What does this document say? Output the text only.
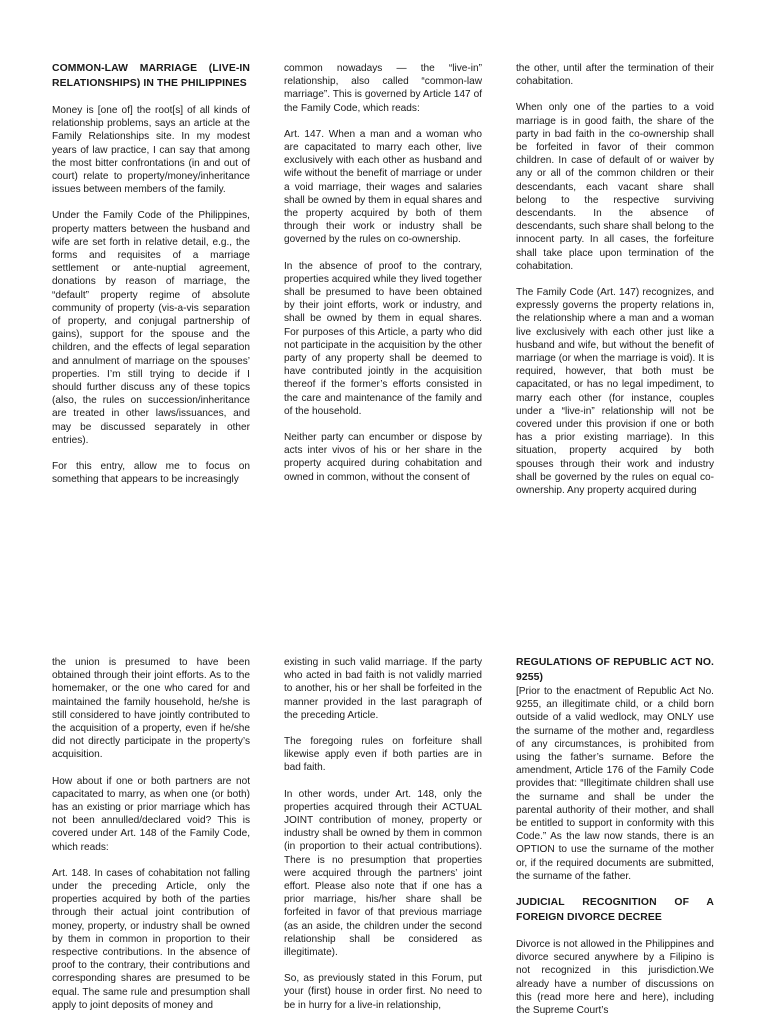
COMMON-LAW MARRIAGE (LIVE-IN RELATIONSHIPS) IN THE PHILIPPINES

Money is [one of] the root[s] of all kinds of relationship problems, says an article at the Family Relationships site. In my modest years of law practice, I can say that among the most bitter confrontations (in and out of court) relate to property/money/inheritance issues between members of the family.

Under the Family Code of the Philippines, property matters between the husband and wife are set forth in relative detail, e.g., the forms and requisites of a marriage settlement or ante-nuptial agreement, donations by reason of marriage, the “default” property regime of absolute community of property (vis-a-vis separation of property, and conjugal partnership of gains), support for the spouse and the children, and the effects of legal separation and annulment of marriage on the spouses’ properties. I’m still trying to decide if I should further discuss any of these topics (also, the rules on succession/inheritance are treated in other laws/issuances, and may be discussed separately in other entries).

For this entry, allow me to focus on something that appears to be increasingly

common nowadays — the “live-in” relationship, also called “common-law marriage”. This is governed by Article 147 of the Family Code, which reads:

Art. 147. When a man and a woman who are capacitated to marry each other, live exclusively with each other as husband and wife without the benefit of marriage or under a void marriage, their wages and salaries shall be owned by them in equal shares and the property acquired by both of them through their work or industry shall be governed by the rules on co-ownership.

In the absence of proof to the contrary, properties acquired while they lived together shall be presumed to have been obtained by their joint efforts, work or industry, and shall be owned by them in equal shares. For purposes of this Article, a party who did not participate in the acquisition by the other party of any property shall be deemed to have contributed jointly in the acquisition thereof if the former’s efforts consisted in the care and maintenance of the family and of the household.

Neither party can encumber or dispose by acts inter vivos of his or her share in the property acquired during cohabitation and owned in common, without the consent of

the other, until after the termination of their cohabitation.

When only one of the parties to a void marriage is in good faith, the share of the party in bad faith in the co-ownership shall be forfeited in favor of their common children. In case of default of or waiver by any or all of the common children or their descendants, each vacant share shall belong to the respective surviving descendants. In the absence of descendants, such share shall belong to the innocent party. In all cases, the forfeiture shall take place upon termination of the cohabitation.

The Family Code (Art. 147) recognizes, and expressly governs the property relations in, the relationship where a man and a woman live exclusively with each other just like a husband and wife, but without the benefit of marriage (or when the marriage is void). It is required, however, that both must be capacitated, or has no legal impediment, to marry each other (for instance, couples under a “live-in” relationship will not be covered under this provision if one or both has a prior existing marriage). In this situation, property acquired by both spouses through their work and industry shall be governed by the rules on equal co-ownership. Any property acquired during

the union is presumed to have been obtained through their joint efforts. As to the homemaker, or the one who cared for and maintained the family household, he/she is still considered to have jointly contributed to the acquisition of a property, even if he/she did not directly participate in the property’s acquisition.

How about if one or both partners are not capacitated to marry, as when one (or both) has an existing or prior marriage which has not been annulled/declared void? This is covered under Art. 148 of the Family Code, which reads:

Art. 148. In cases of cohabitation not falling under the preceding Article, only the properties acquired by both of the parties through their actual joint contribution of money, property, or industry shall be owned by them in common in proportion to their respective contributions. In the absence of proof to the contrary, their contributions and corresponding shares are presumed to be equal. The same rule and presumption shall apply to joint deposits of money and

existing in such valid marriage. If the party who acted in bad faith is not validly married to another, his or her shall be forfeited in the manner provided in the last paragraph of the preceding Article.

The foregoing rules on forfeiture shall likewise apply even if both parties are in bad faith.

In other words, under Art. 148, only the properties acquired through their ACTUAL JOINT contribution of money, property or industry shall be owned by them in common (in proportion to their actual contributions). There is no presumption that properties were acquired through the partners’ joint effort. Please also note that if one has a prior marriage, his/her share shall be forfeited in favor of that previous marriage (as an aside, the children under the second relationship shall be considered as illegitimate).

So, as previously stated in this Forum, put your (first) house in order first. No need to be in hurry for a live-in relationship,

REGULATIONS OF REPUBLIC ACT NO. 9255)

[Prior to the enactment of Republic Act No. 9255, an illegitimate child, or a child born outside of a valid wedlock, may ONLY use the surname of the mother and, regardless of any circumstances, is prohibited from using the father’s surname. Before the amendment, Article 176 of the Family Code provides that: “Illegitimate children shall use the surname and shall be under the parental authority of their mother, and shall be entitled to support in conformity with this Code.” As the law now stands, there is an OPTION to use the surname of the mother or, if the required documents are submitted, the surname of the father.

JUDICIAL RECOGNITION OF A FOREIGN DIVORCE DECREE

Divorce is not allowed in the Philippines and divorce secured anywhere by a Filipino is not recognized in this jurisdiction.We already have a number of discussions on this (read more here and here), including the Supreme Court’s
